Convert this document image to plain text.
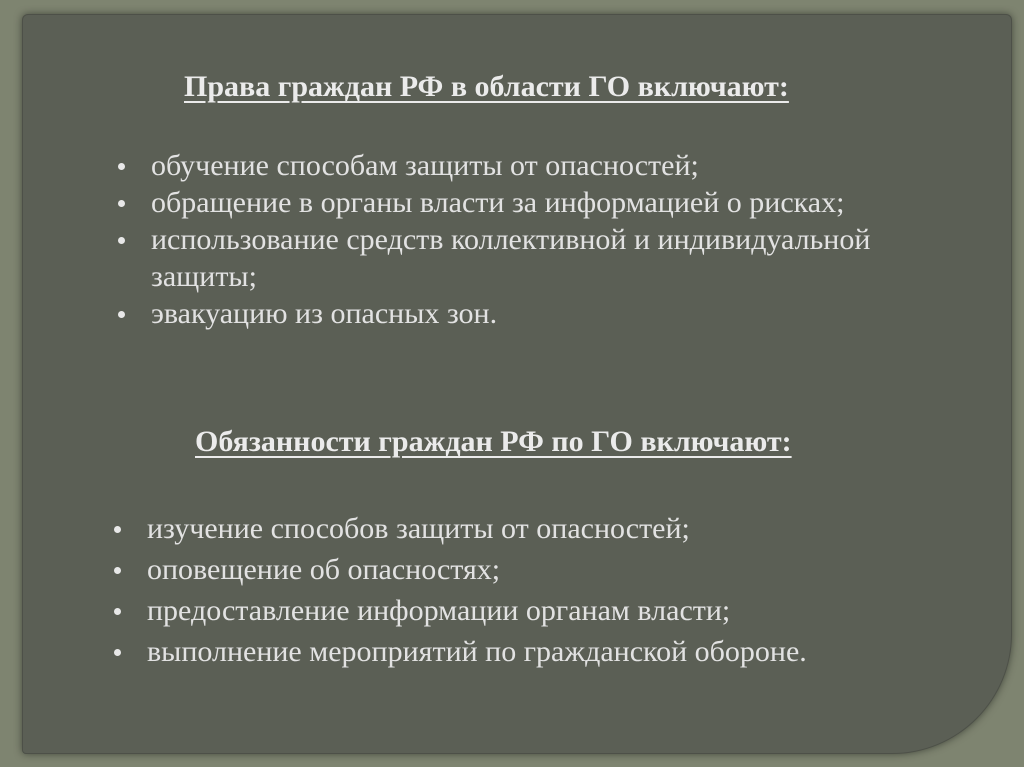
Права граждан РФ в области ГО включают:
обучение способам защиты от опасностей;
обращение в органы власти за информацией о рисках;
использование средств коллективной и индивидуальной защиты;
эвакуацию из опасных зон.
Обязанности граждан РФ по ГО включают:
изучение способов защиты от опасностей;
оповещение об опасностях;
предоставление информации органам власти;
выполнение мероприятий по гражданской обороне.
